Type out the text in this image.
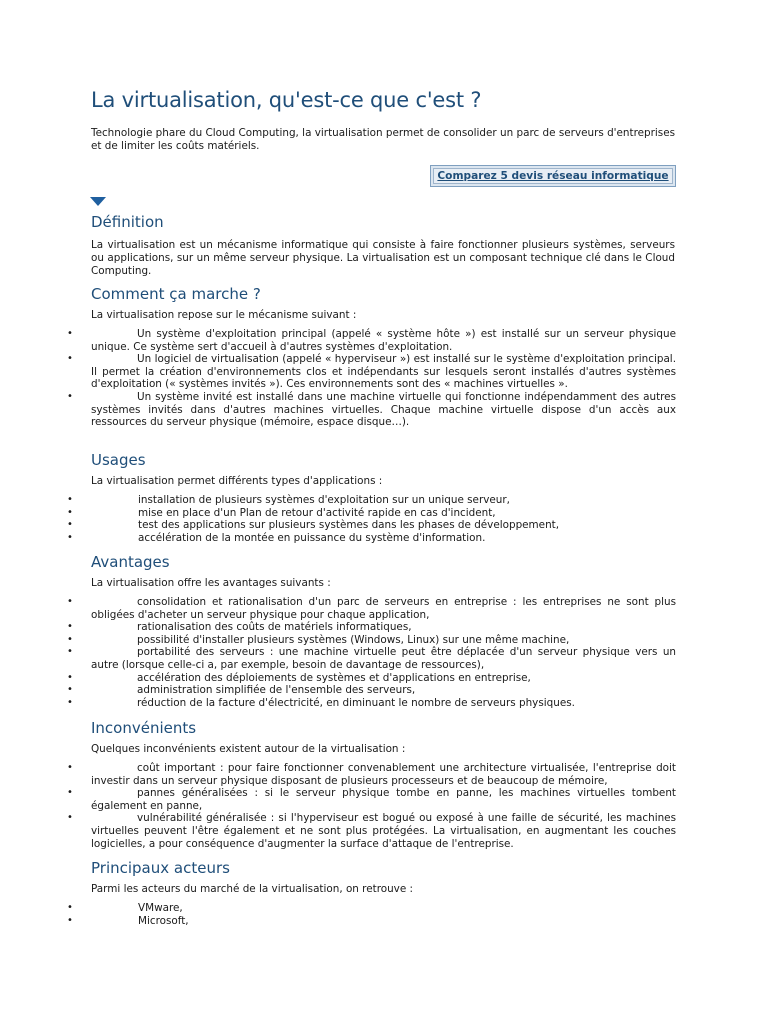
La virtualisation, qu'est-ce que c'est ?

Technologie phare du Cloud Computing, la virtualisation permet de consolider un parc de serveurs d'entreprises et de limiter les coûts matériels.

Comparez 5 devis réseau informatique
Définition

La virtualisation est un mécanisme informatique qui consiste à faire fonctionner plusieurs systèmes, serveurs ou applications, sur un même serveur physique. La virtualisation est un composant technique clé dans le Cloud Computing.

Comment ça marche ?

La virtualisation repose sur le mécanisme suivant :

•	Un système d'exploitation principal (appelé « système hôte ») est installé sur un serveur physique unique. Ce système sert d'accueil à d'autres systèmes d'exploitation.
•	Un logiciel de virtualisation (appelé « hyperviseur ») est installé sur le système d'exploitation principal. Il permet la création d'environnements clos et indépendants sur lesquels seront installés d'autres systèmes d'exploitation (« systèmes invités »). Ces environnements sont des « machines virtuelles ».
•	Un système invité est installé dans une machine virtuelle qui fonctionne indépendamment des autres systèmes invités dans d'autres machines virtuelles. Chaque machine virtuelle dispose d'un accès aux ressources du serveur physique (mémoire, espace disque…).
Usages

La virtualisation permet différents types d'applications :

•	installation de plusieurs systèmes d'exploitation sur un unique serveur,
•	mise en place d'un Plan de retour d'activité rapide en cas d'incident,
•	test des applications sur plusieurs systèmes dans les phases de développement,
•	accélération de la montée en puissance du système d'information.
Avantages

La virtualisation offre les avantages suivants :

•	consolidation et rationalisation d'un parc de serveurs en entreprise : les entreprises ne sont plus obligées d'acheter un serveur physique pour chaque application,
•	rationalisation des coûts de matériels informatiques,
•	possibilité d'installer plusieurs systèmes (Windows, Linux) sur une même machine,
•	portabilité des serveurs : une machine virtuelle peut être déplacée d'un serveur physique vers un autre (lorsque celle-ci a, par exemple, besoin de davantage de ressources),
•	accélération des déploiements de systèmes et d'applications en entreprise,
•	administration simplifiée de l'ensemble des serveurs,
•	réduction de la facture d'électricité, en diminuant le nombre de serveurs physiques.
Inconvénients

Quelques inconvénients existent autour de la virtualisation :

•	coût important : pour faire fonctionner convenablement une architecture virtualisée, l'entreprise doit investir dans un serveur physique disposant de plusieurs processeurs et de beaucoup de mémoire,
•	pannes généralisées : si le serveur physique tombe en panne, les machines virtuelles tombent également en panne,
•	vulnérabilité généralisée : si l'hyperviseur est bogué ou exposé à une faille de sécurité, les machines virtuelles peuvent l'être également et ne sont plus protégées. La virtualisation, en augmentant les couches logicielles, a pour conséquence d'augmenter la surface d'attaque de l'entreprise.
Principaux acteurs

Parmi les acteurs du marché de la virtualisation, on retrouve :

•	VMware,
•	Microsoft,
